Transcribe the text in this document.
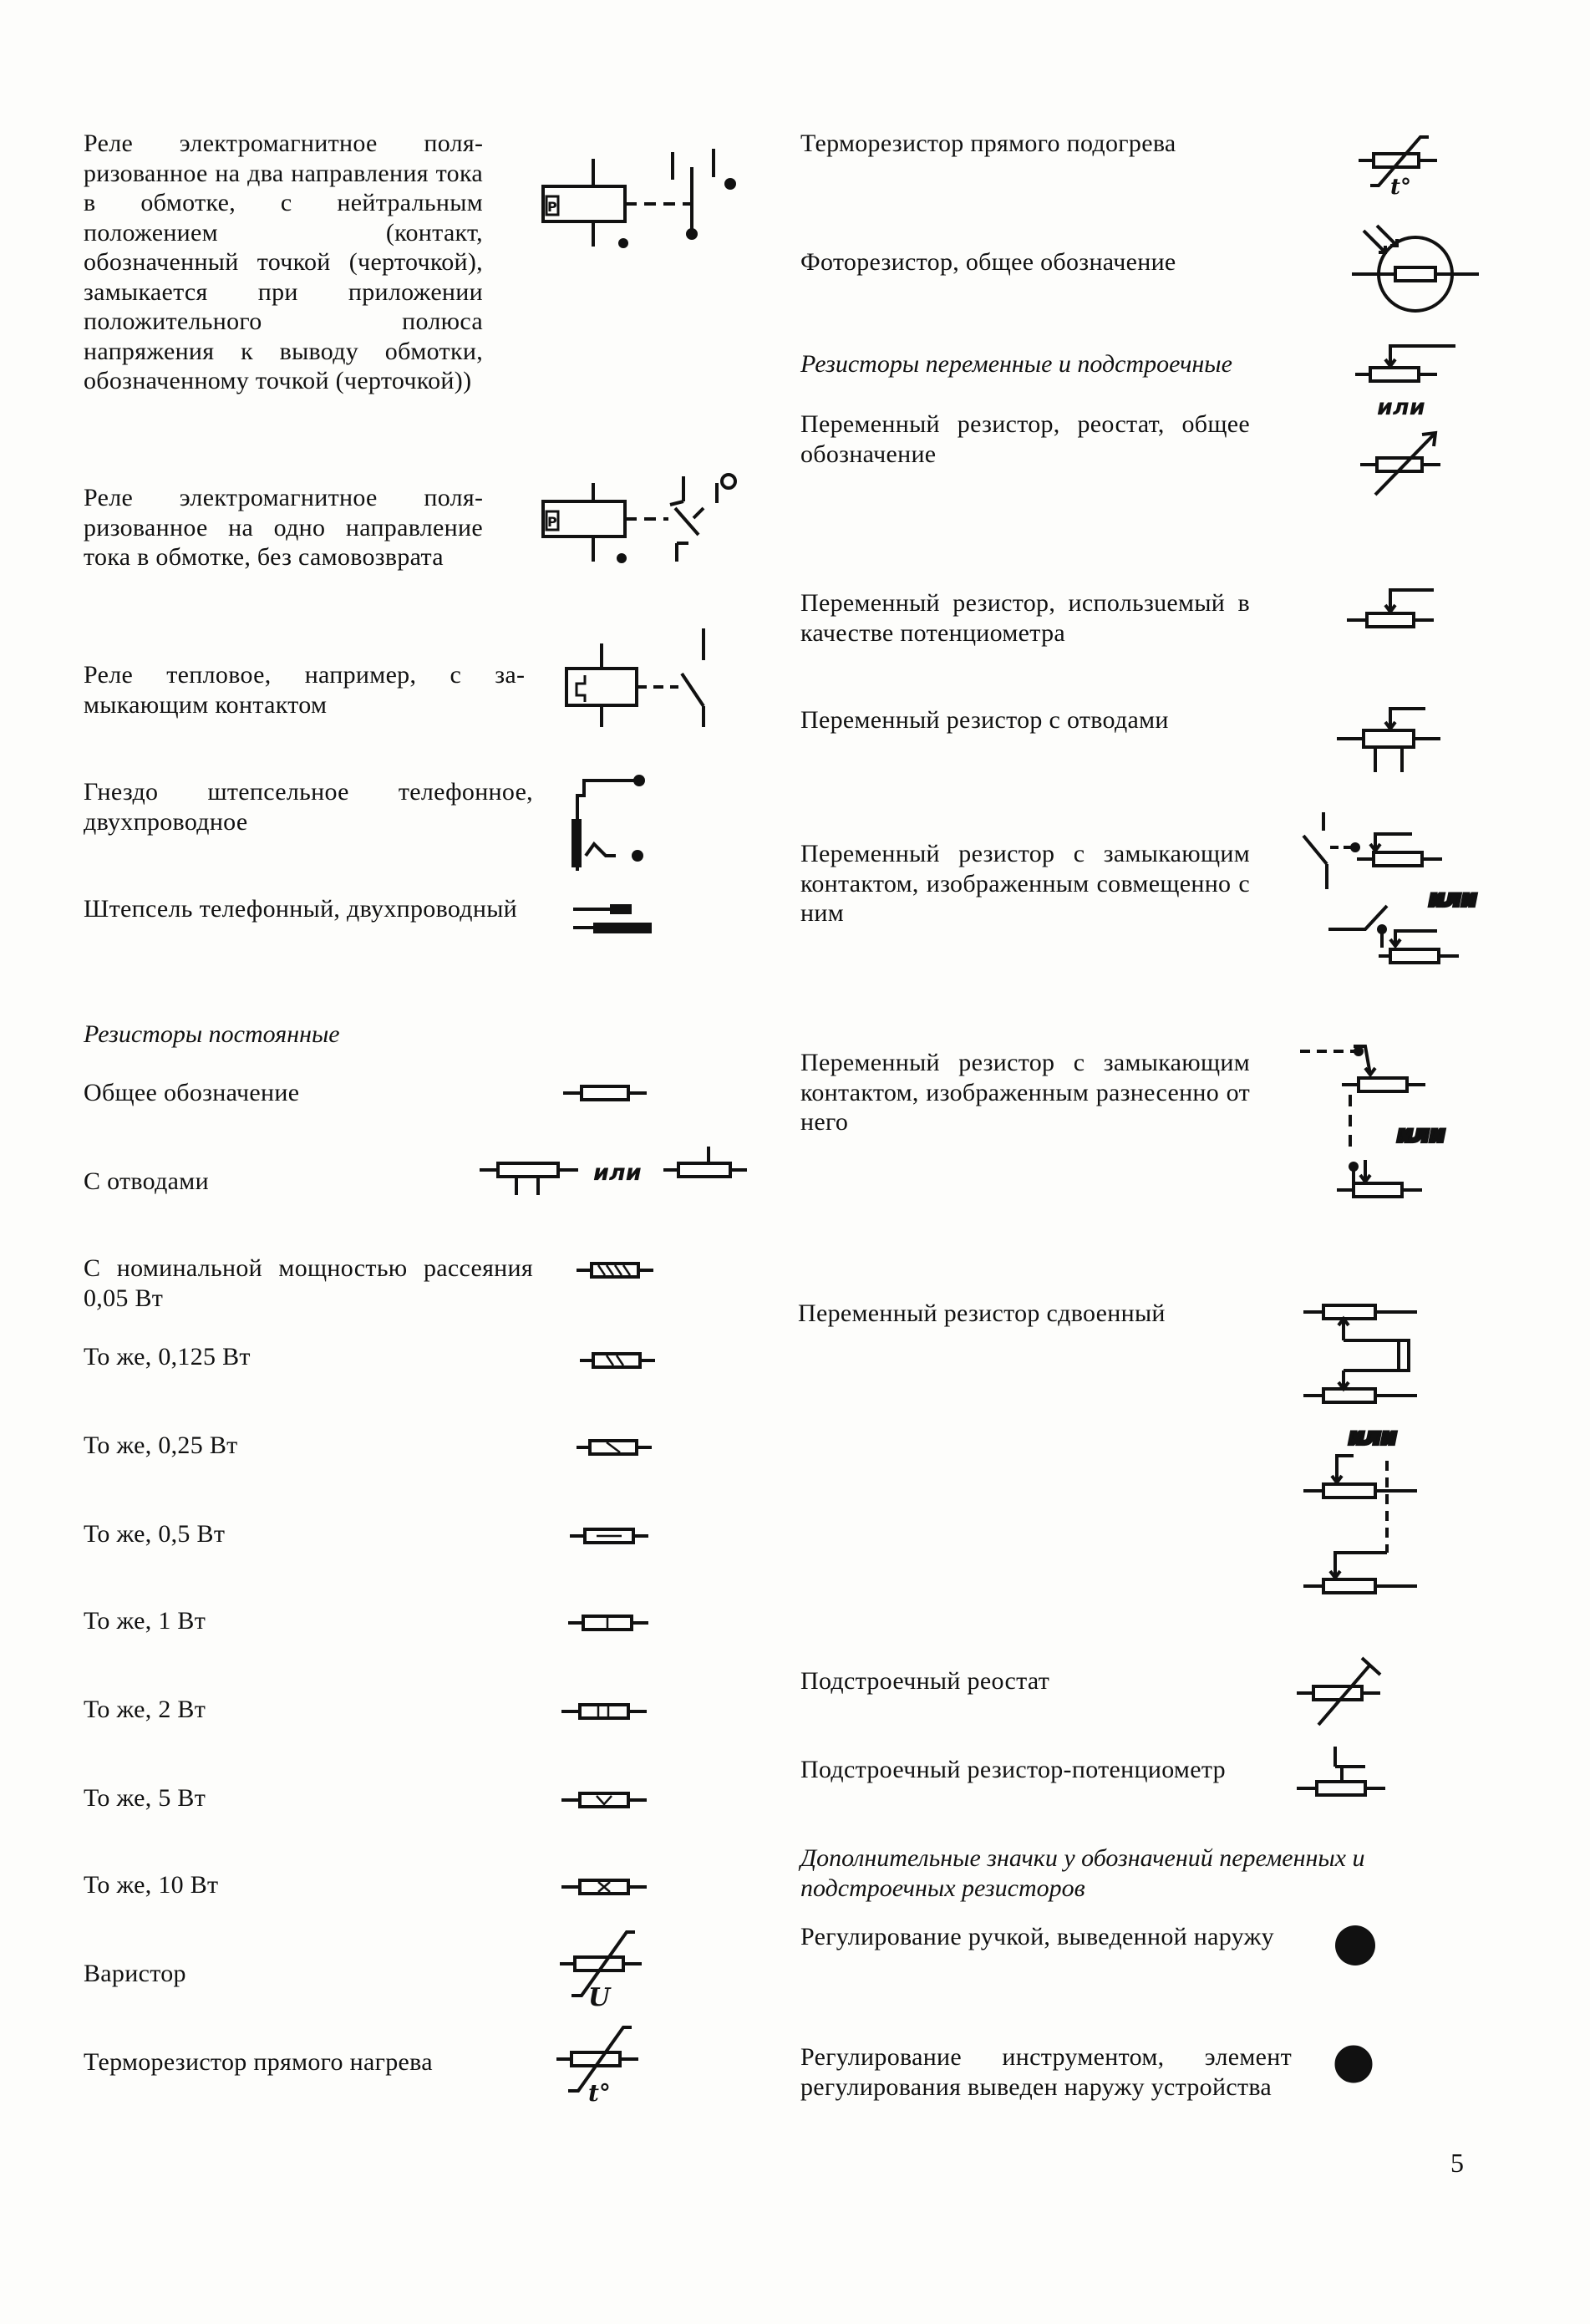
Реле электромагнитное поляризованное на два направления тока в обмотке, с нейтральным положением (контакт, обозначенный точкой (черточкой), замыкается при приложении положительного полюса напряжения к выводу обмотки, обозначенному точкой (черточкой))

Реле электромагнитное поляризованное на одно направление тока в обмотке, без самовозврата

Реле тепловое, например, с замыкающим контактом

Гнездо штепсельное телефонное, двухпроводное

Штепсель телефонный, двухпроводный

Резисторы постоянные

Общее обозначение

С отводами

С номинальной мощностью рассеяния 0,05 Вт

То же, 0,125 Вт

То же, 0,25 Вт

То же, 0,5 Вт

То же, 1 Вт

То же, 2 Вт

То же, 5 Вт

То же, 10 Вт

Варистор

Терморезистор прямого нагрева

Терморезистор прямого подогрева

Фоторезистор, общее обозначение

Резисторы переменные и подстроечные

Переменный резистор, реостат, общее обозначение

Переменный резистор, использueмый в качестве потенциометра

Переменный резистор с отводами

Переменный резистор с замыкающим контактом, изображенным совмещенно с ним

Переменный резистор с замыкающим контактом, изображенным разнесенно от него

Переменный резистор сдвоенный

Подстроечный реостат

Подстроечный резистор-потенциометр

Дополнительные значки у обозначений переменных и подстроечных резисторов

Регулирование ручкой, выведенной наружу

Регулирование инструментом, элемент регулирования выведен наружу устройства

5
P
P
или
U
t°
t°
или
или
или
или
